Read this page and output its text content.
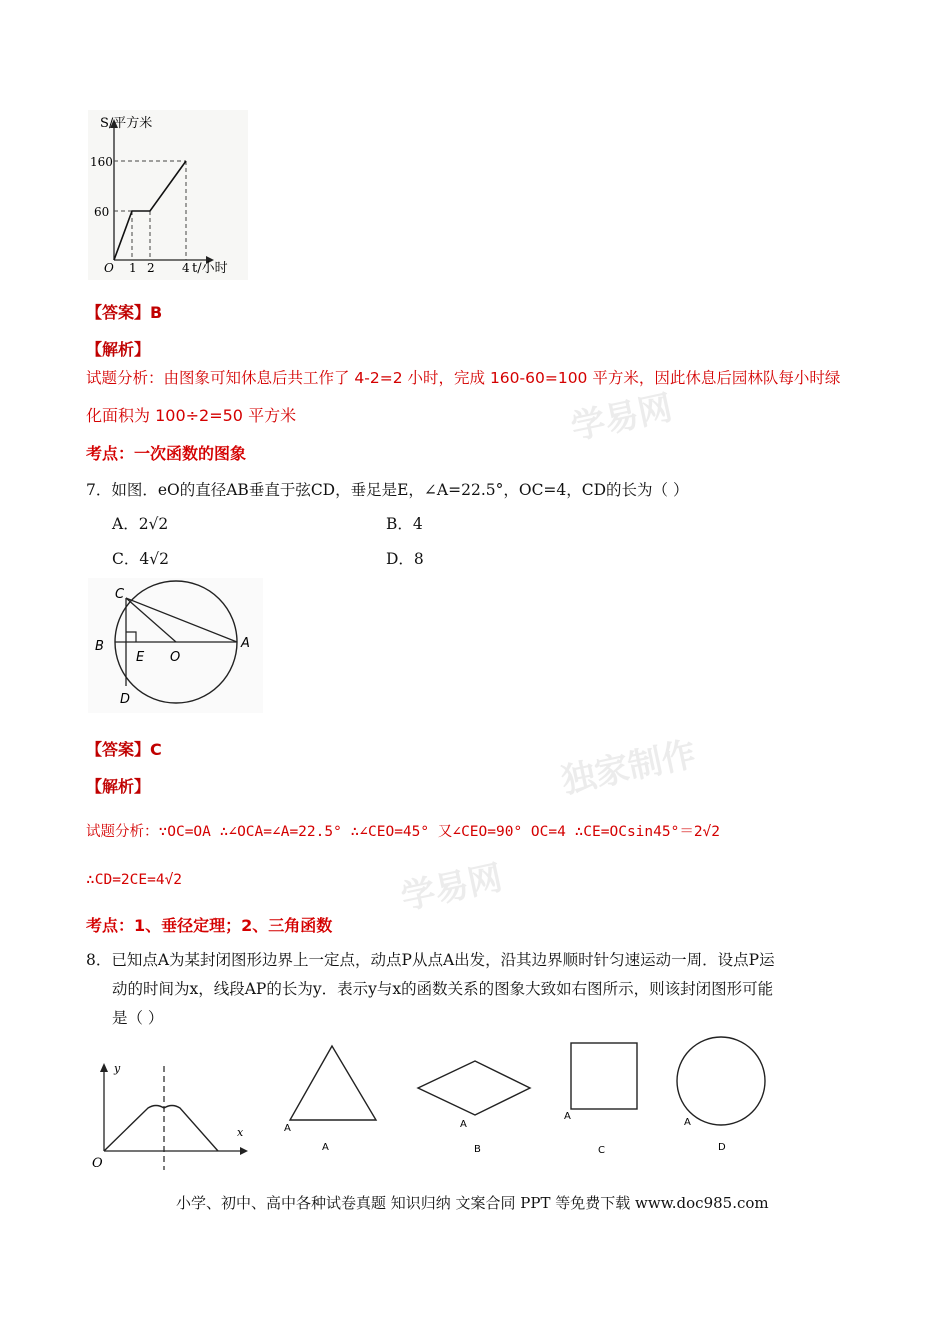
学易网
独家制作
学易网
S/平方米
160
60
O 1 2 4 t/小时
【答案】B
【解析】
试题分析：由图象可知休息后共工作了 4-2=2 小时，完成 160-60=100 平方米，因此休息后园林队每小时绿
化面积为 100÷2=50 平方米
考点：一次函数的图象
7．如图．eO的直径AB垂直于弦CD，垂足是E，∠A=22.5°，OC=4，CD的长为（ ）
A．2√2	B．4
C．4√2	D．8
C
B
E O
A
D
【答案】C
【解析】
试题分析：∵OC=OA ∴∠OCA=∠A=22.5° ∴∠CEO=45° 又∠CEO=90° OC=4 ∴CE=OCsin45°＝2√2
∴CD=2CE=4√2
考点：1、垂径定理；2、三角函数
8．已知点A为某封闭图形边界上一定点，动点P从点A出发，沿其边界顺时针匀速运动一周．设点P运
动的时间为x，线段AP的长为y．表示y与x的函数关系的图象大致如右图所示，则该封闭图形可能
是（ ）
y
x
O
A
A
A
B
A
C
A
D
小学、初中、高中各种试卷真题 知识归纳 文案合同 PPT 等免费下载 www.doc985.com
